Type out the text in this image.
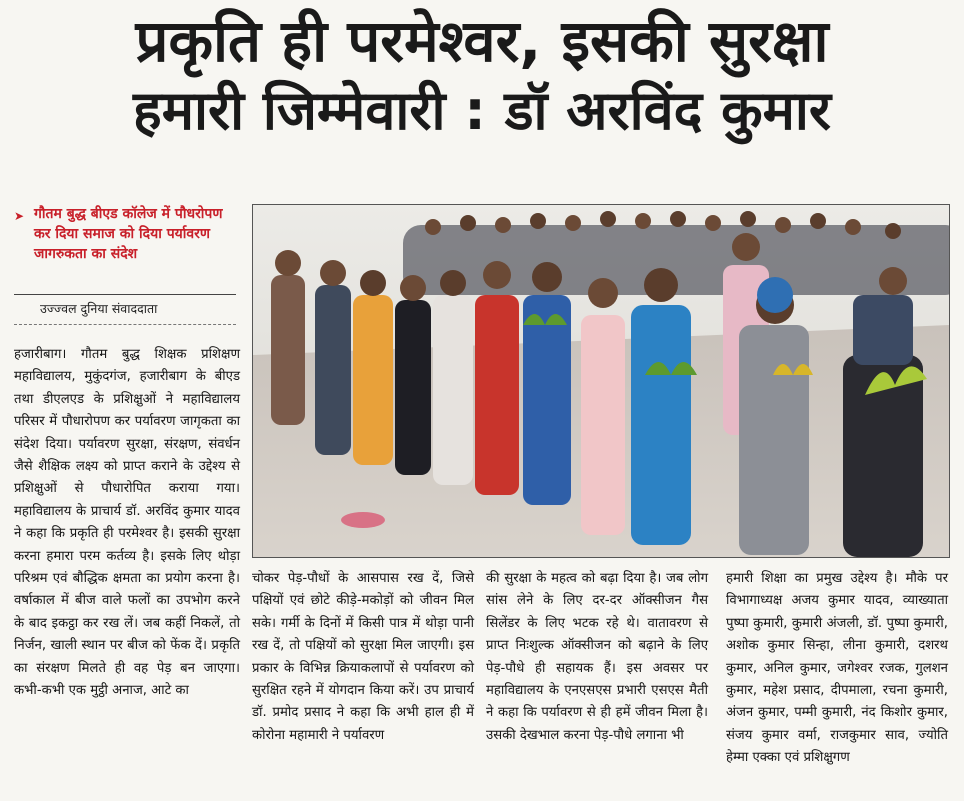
प्रकृति ही परमेश्वर, इसकी सुरक्षा
हमारी जिम्मेवारी : डॉ अरविंद कुमार
➤ गौतम बुद्ध बीएड कॉलेज में पौधरोपण कर दिया समाज को दिया पर्यावरण जागरुकता का संदेश
उज्ज्वल दुनिया संवाददाता

हजारीबाग। गौतम बुद्ध शिक्षक प्रशिक्षण महाविद्यालय, मुकुंदगंज, हजारीबाग के बीएड तथा डीएलएड के प्रशिक्षुओं ने महाविद्यालय परिसर में पौधारोपण कर पर्यावरण जागृकता का संदेश दिया। पर्यावरण सुरक्षा, संरक्षण, संवर्धन जैसे शैक्षिक लक्ष्य को प्राप्त कराने के उद्देश्य से प्रशिक्षुओं से पौधारोपित कराया गया। महाविद्यालय के प्राचार्य डॉ. अरविंद कुमार यादव ने कहा कि प्रकृति ही परमेश्वर है। इसकी सुरक्षा करना हमारा परम कर्तव्य है। इसके लिए थोड़ा परिश्रम एवं बौद्धिक क्षमता का प्रयोग करना है। वर्षाकाल में बीज वाले फलों का उपभोग करने के बाद इकट्ठा कर रख लें। जब कहीं निकलें, तो निर्जन, खाली स्थान पर बीज को फेंक दें। प्रकृति का संरक्षण मिलते ही वह पेड़ बन जाएगा। कभी-कभी एक मुट्ठी अनाज, आटे का

चोकर पेड़-पौधों के आसपास रख दें, जिसे पक्षियों एवं छोटे कीड़े-मकोड़ों को जीवन मिल सके। गर्मी के दिनों में किसी पात्र में थोड़ा पानी रख दें, तो पक्षियों को सुरक्षा मिल जाएगी। इस प्रकार के विभिन्न क्रियाकलापों से पर्यावरण को सुरक्षित रहने में योगदान किया करें। उप प्राचार्य डॉ. प्रमोद प्रसाद ने कहा कि अभी हाल ही में कोरोना महामारी ने पर्यावरण

की सुरक्षा के महत्व को बढ़ा दिया है। जब लोग सांस लेने के लिए दर-दर ऑक्सीजन गैस सिलेंडर के लिए भटक रहे थे। वातावरण से प्राप्त निःशुल्क ऑक्सीजन को बढ़ाने के लिए पेड़-पौधे ही सहायक हैं। इस अवसर पर महाविद्यालय के एनएसएस प्रभारी एसएस मैती ने कहा कि पर्यावरण से ही हमें जीवन मिला है। उसकी देखभाल करना पेड़-पौधे लगाना भी

हमारी शिक्षा का प्रमुख उद्देश्य है। मौके पर विभागाध्यक्ष अजय कुमार यादव, व्याख्याता पुष्पा कुमारी, कुमारी अंजली, डॉ. पुष्पा कुमारी, अशोक कुमार सिन्हा, लीना कुमारी, दशरथ कुमार, अनिल कुमार, जगेश्वर रजक, गुलशन कुमार, महेश प्रसाद, दीपमाला, रचना कुमारी, अंजन कुमार, पम्मी कुमारी, नंद किशोर कुमार, संजय कुमार वर्मा, राजकुमार साव, ज्योति हेम्मा एक्का एवं प्रशिक्षुगण
